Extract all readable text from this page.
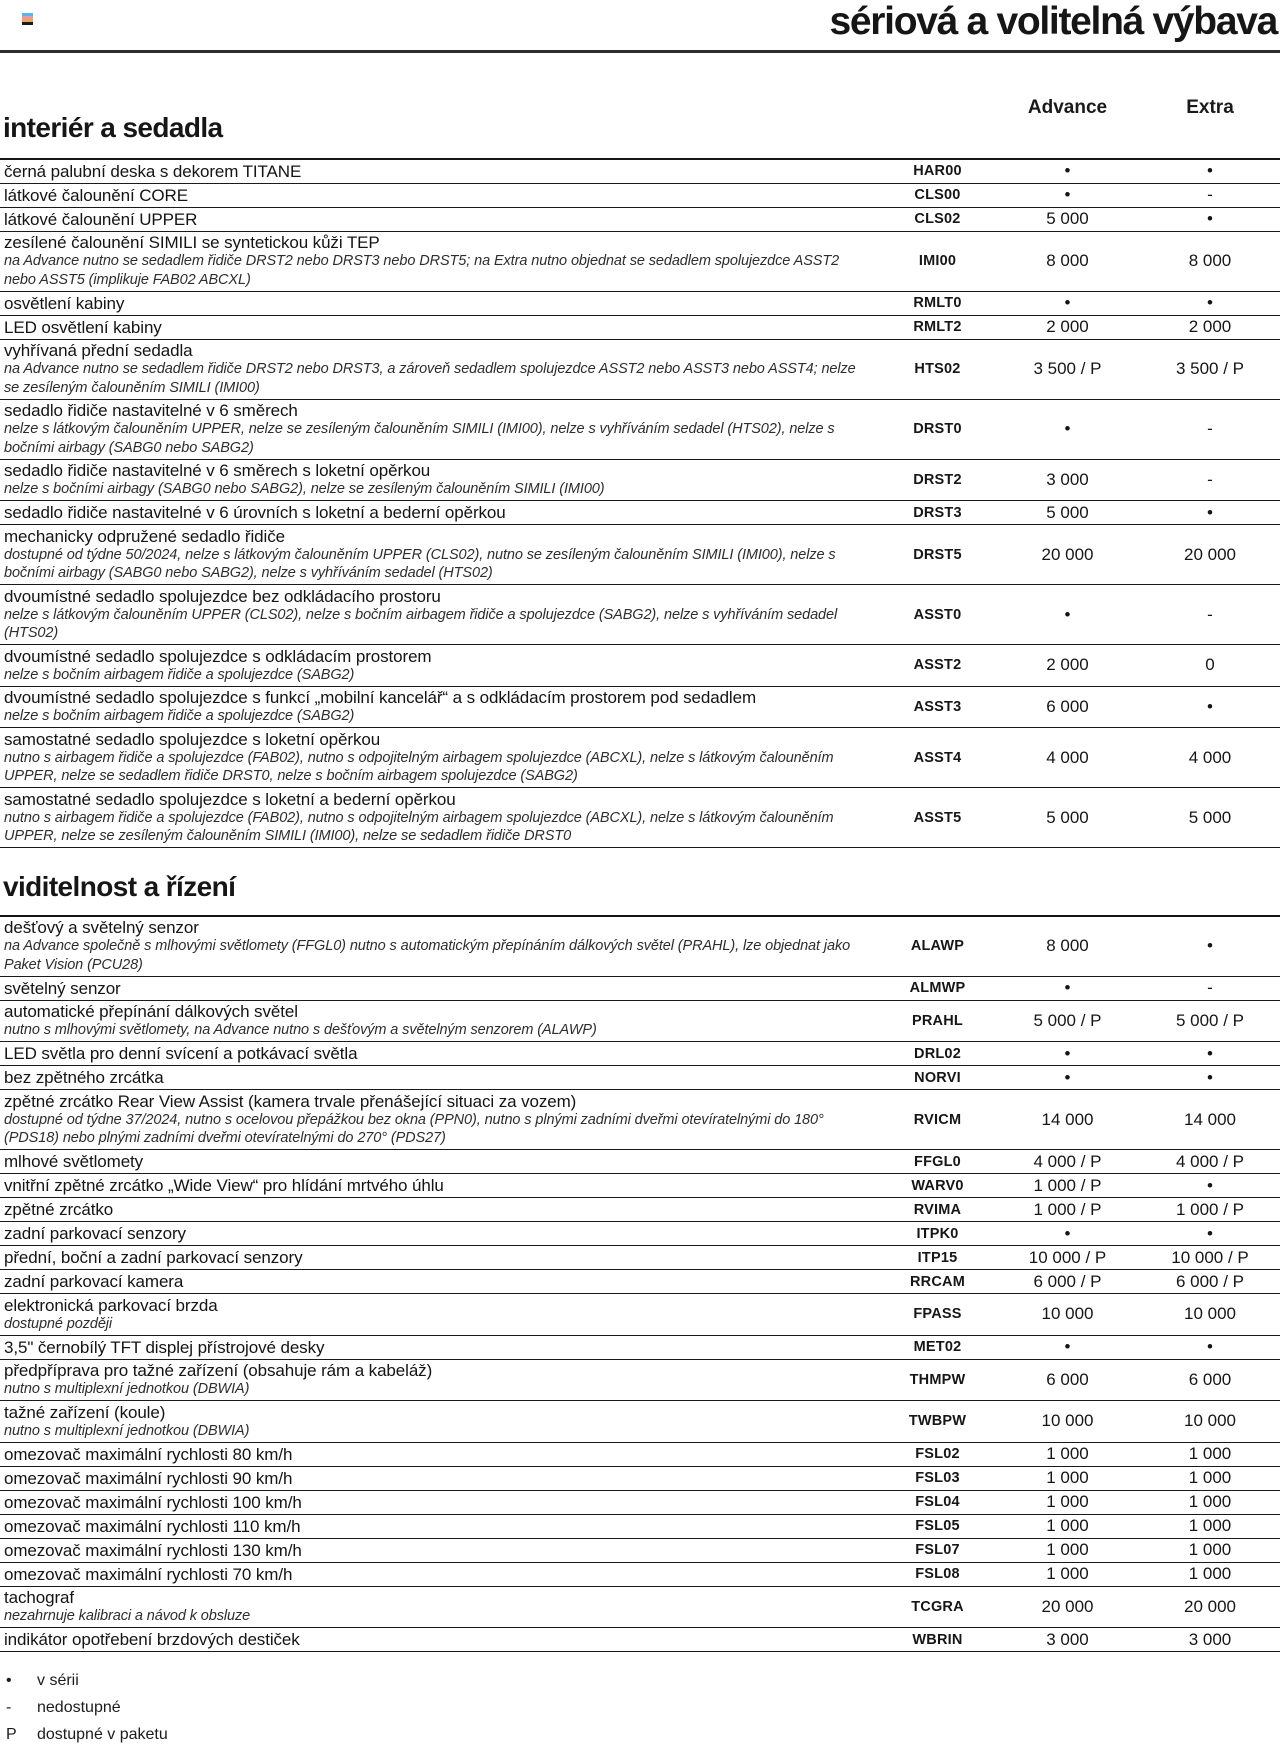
sériová a volitelná výbava
Advance	Extra
interiér a sedadla
černá palubní deska s dekorem TITANE	HAR00	•	•
látkové čalounění CORE	CLS00	•	-
látkové čalounění UPPER	CLS02	5 000	•
zesílené čalounění SIMILI se syntetickou kůži TEP
na Advance nutno se sedadlem řidiče DRST2 nebo DRST3 nebo DRST5; na Extra nutno objednat se sedadlem spolujezdce ASST2 nebo ASST5 (implikuje FAB02 ABCXL)
IMI00	8 000	8 000
osvětlení kabiny	RMLT0	•	•
LED osvětlení kabiny	RMLT2	2 000	2 000
vyhřívaná přední sedadla
na Advance nutno se sedadlem řidiče DRST2 nebo DRST3, a zároveň sedadlem spolujezdce ASST2 nebo ASST3 nebo ASST4; nelze se zesíleným čalouněním SIMILI (IMI00)
HTS02	3 500 / P	3 500 / P
sedadlo řidiče nastavitelné v 6 směrech
nelze s látkovým čalouněním UPPER, nelze se zesíleným čalouněním SIMILI (IMI00), nelze s vyhříváním sedadel (HTS02), nelze s bočními airbagy (SABG0 nebo SABG2)
DRST0	•	-
sedadlo řidiče nastavitelné v 6 směrech s loketní opěrkou
nelze s bočními airbagy (SABG0 nebo SABG2), nelze se zesíleným čalouněním SIMILI (IMI00)
DRST2	3 000	-
sedadlo řidiče nastavitelné v 6 úrovních s loketní a bederní opěrkou	DRST3	5 000	•
mechanicky odpružené sedadlo řidiče
dostupné od týdne 50/2024, nelze s látkovým čalouněním UPPER (CLS02), nutno se zesíleným čalouněním SIMILI (IMI00), nelze s bočními airbagy (SABG0 nebo SABG2), nelze s vyhříváním sedadel (HTS02)
DRST5	20 000	20 000
dvoumístné sedadlo spolujezdce bez odkládacího prostoru
nelze s látkovým čalouněním UPPER (CLS02), nelze s bočním airbagem řidiče a spolujezdce (SABG2), nelze s vyhříváním sedadel (HTS02)
ASST0	•	-
dvoumístné sedadlo spolujezdce s odkládacím prostorem
nelze s bočním airbagem řidiče a spolujezdce (SABG2)
ASST2	2 000	0
dvoumístné sedadlo spolujezdce s funkcí „mobilní kancelář“ a s odkládacím prostorem pod sedadlem
nelze s bočním airbagem řidiče a spolujezdce (SABG2)
ASST3	6 000	•
samostatné sedadlo spolujezdce s loketní opěrkou
nutno s airbagem řidiče a spolujezdce (FAB02), nutno s odpojitelným airbagem spolujezdce (ABCXL), nelze s látkovým čalouněním UPPER, nelze se sedadlem řidiče DRST0, nelze s bočním airbagem spolujezdce (SABG2)
ASST4	4 000	4 000
samostatné sedadlo spolujezdce s loketní a bederní opěrkou
nutno s airbagem řidiče a spolujezdce (FAB02), nutno s odpojitelným airbagem spolujezdce (ABCXL), nelze s látkovým čalouněním UPPER, nelze se zesíleným čalouněním SIMILI (IMI00), nelze se sedadlem řidiče DRST0
ASST5	5 000	5 000
viditelnost a řízení
dešťový a světelný senzor
na Advance společně s mlhovými světlomety (FFGL0) nutno s automatickým přepínáním dálkových světel (PRAHL), lze objednat jako Paket Vision (PCU28)
ALAWP	8 000	•
světelný senzor	ALMWP	•	-
automatické přepínání dálkových světel
nutno s mlhovými světlomety, na Advance nutno s dešťovým a světelným senzorem (ALAWP)
PRAHL	5 000 / P	5 000 / P
LED světla pro denní svícení a potkávací světla	DRL02	•	•
bez zpětného zrcátka	NORVI	•	•
zpětné zrcátko Rear View Assist (kamera trvale přenášející situaci za vozem)
dostupné od týdne 37/2024, nutno s ocelovou přepážkou bez okna (PPN0), nutno s plnými zadními dveřmi otevíratelnými do 180° (PDS18) nebo plnými zadními dveřmi otevíratelnými do 270° (PDS27)
RVICM	14 000	14 000
mlhové světlomety	FFGL0	4 000 / P	4 000 / P
vnitřní zpětné zrcátko „Wide View“ pro hlídání mrtvého úhlu	WARV0	1 000 / P	•
zpětné zrcátko	RVIMA	1 000 / P	1 000 / P
zadní parkovací senzory	ITPK0	•	•
přední, boční a zadní parkovací senzory	ITP15	10 000 / P	10 000 / P
zadní parkovací kamera	RRCAM	6 000 / P	6 000 / P
elektronická parkovací brzda
dostupné později
FPASS	10 000	10 000
3,5" černobílý TFT displej přístrojové desky	MET02	•	•
předpříprava pro tažné zařízení (obsahuje rám a kabeláž)
nutno s multiplexní jednotkou (DBWIA)
THMPW	6 000	6 000
tažné zařízení (koule)
nutno s multiplexní jednotkou (DBWIA)
TWBPW	10 000	10 000
omezovač maximální rychlosti 80 km/h	FSL02	1 000	1 000
omezovač maximální rychlosti 90 km/h	FSL03	1 000	1 000
omezovač maximální rychlosti 100 km/h	FSL04	1 000	1 000
omezovač maximální rychlosti 110 km/h	FSL05	1 000	1 000
omezovač maximální rychlosti 130 km/h	FSL07	1 000	1 000
omezovač maximální rychlosti 70 km/h	FSL08	1 000	1 000
tachograf
nezahrnuje kalibraci a návod k obsluze
TCGRA	20 000	20 000
indikátor opotřebení brzdových destiček	WBRIN	3 000	3 000
•	v sérii
-	nedostupné
P	dostupné v paketu
